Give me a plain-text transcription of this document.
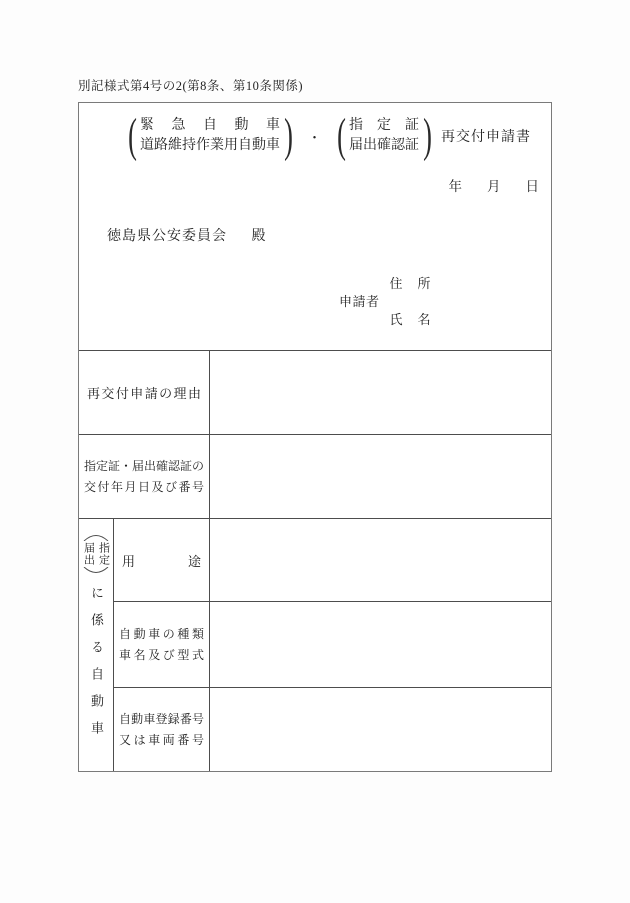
別記様式第4号の2(第8条、第10条関係)
( 緊急自動車
道路維持作業用自動車 ) ・ ( 指定証
届出確認証 ) 再交付申請書
年 月 日
徳島県公安委員会 殿
申請者
住　所
氏　名
再交付申請の理由
指定証・届出確認証の
交付年月日及び番号
届出 指定
に係る自動車
用途
自動車の種類
車名及び型式
自動車登録番号
又は車両番号
